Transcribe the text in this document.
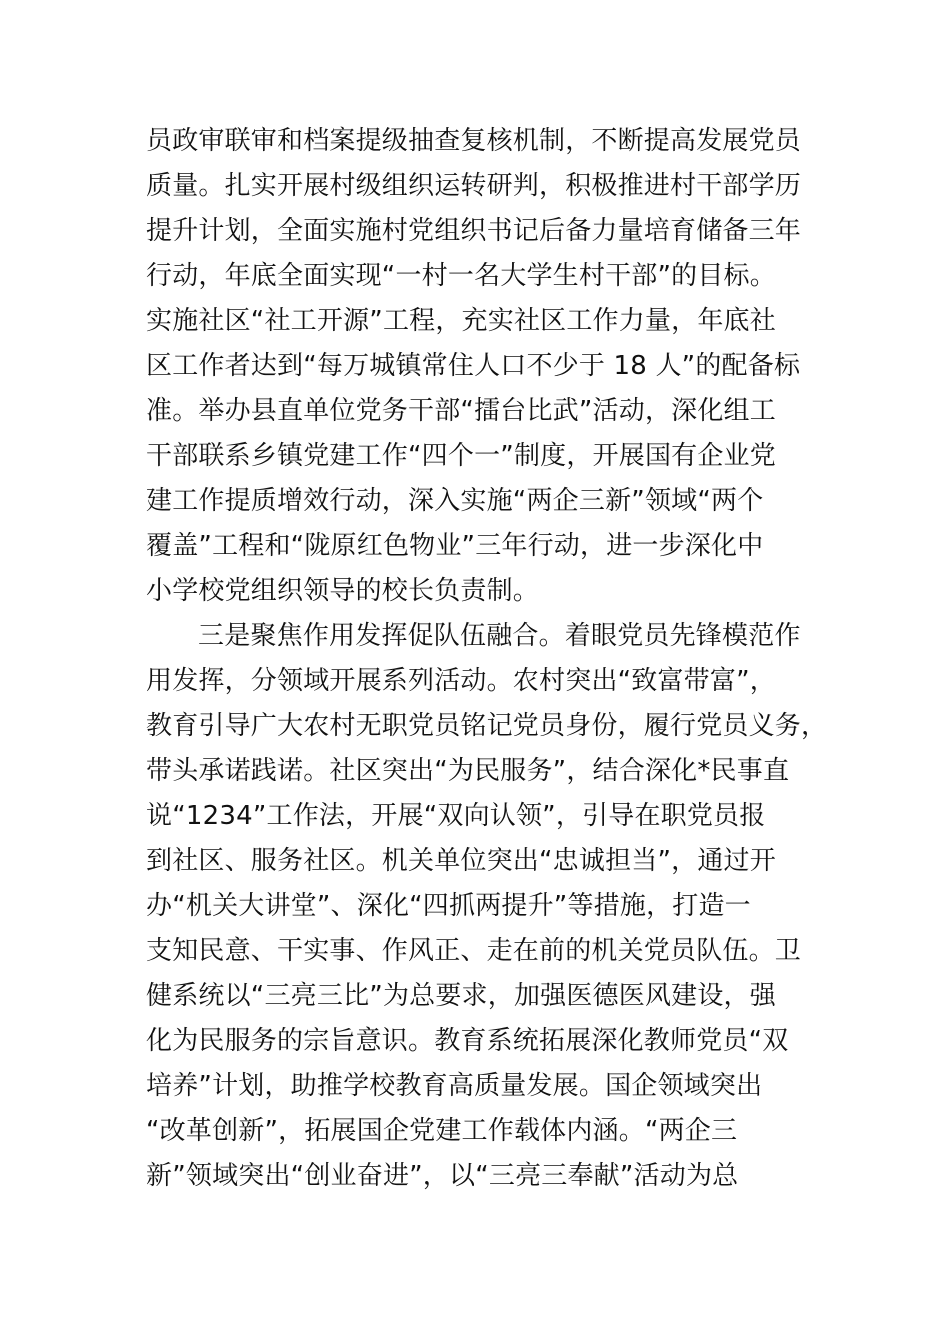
员政审联审和档案提级抽查复核机制，不断提高发展党员
质量。扎实开展村级组织运转研判，积极推进村干部学历
提升计划，全面实施村党组织书记后备力量培育储备三年
行动，年底全面实现“一村一名大学生村干部”的目标。
实施社区“社工开源”工程，充实社区工作力量，年底社
区工作者达到“每万城镇常住人口不少于 18 人”的配备标
准。举办县直单位党务干部“擂台比武”活动，深化组工
干部联系乡镇党建工作“四个一”制度，开展国有企业党
建工作提质增效行动，深入实施“两企三新”领域“两个
覆盖”工程和“陇原红色物业”三年行动，进一步深化中
小学校党组织领导的校长负责制。
三是聚焦作用发挥促队伍融合。着眼党员先锋模范作
用发挥，分领域开展系列活动。农村突出“致富带富”，
教育引导广大农村无职党员铭记党员身份，履行党员义务，
带头承诺践诺。社区突出“为民服务”，结合深化*民事直
说“1234”工作法，开展“双向认领”，引导在职党员报
到社区、服务社区。机关单位突出“忠诚担当”，通过开
办“机关大讲堂”、深化“四抓两提升”等措施，打造一
支知民意、干实事、作风正、走在前的机关党员队伍。卫
健系统以“三亮三比”为总要求，加强医德医风建设，强
化为民服务的宗旨意识。教育系统拓展深化教师党员“双
培养”计划，助推学校教育高质量发展。国企领域突出
“改革创新”，拓展国企党建工作载体内涵。“两企三
新”领域突出“创业奋进”，以“三亮三奉献”活动为总
